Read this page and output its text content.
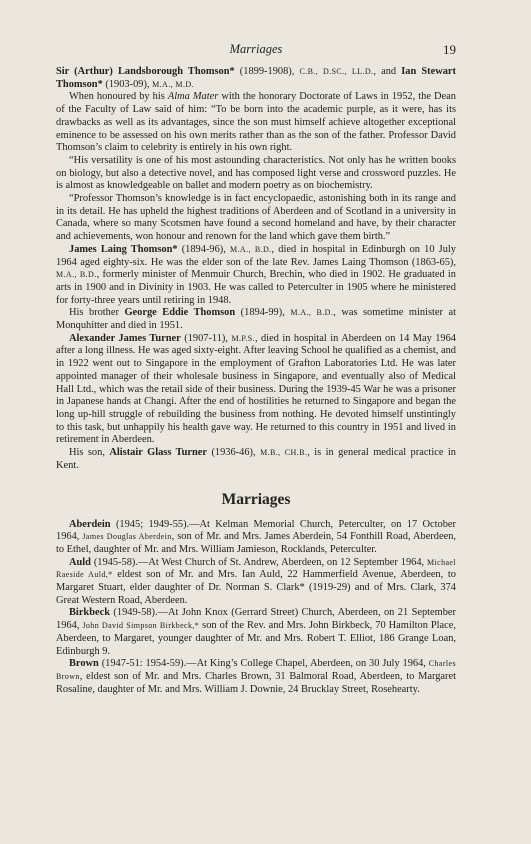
Marriages	19

Sir (Arthur) Landsborough Thomson* (1899-1908), C.B., D.SC., LL.D., and Ian Stewart Thomson* (1903-09), M.A., M.D.

When honoured by his Alma Mater with the honorary Doctorate of Laws in 1952, the Dean of the Faculty of Law said of him: “To be born into the academic purple, as it were, has its drawbacks as well as its advantages, since the son must himself achieve altogether exceptional eminence to be assessed on his own merits rather than as the son of the father. Professor David Thomson’s claim to celebrity is entirely in his own right.

“His versatility is one of his most astounding characteristics. Not only has he written books on biology, but also a detective novel, and has composed light verse and crossword puzzles. He is almost as knowledgeable on ballet and modern poetry as on biochemistry.

“Professor Thomson’s knowledge is in fact encyclopaedic, astonishing both in its range and in its detail. He has upheld the highest traditions of Aberdeen and of Scotland in a university in Canada, where so many Scotsmen have found a second homeland and have, by their character and achievements, won honour and renown for the land which gave them birth.”

James Laing Thomson* (1894-96), M.A., B.D., died in hospital in Edinburgh on 10 July 1964 aged eighty-six. He was the elder son of the late Rev. James Laing Thomson (1863-65), M.A., B.D., formerly minister of Menmuir Church, Brechin, who died in 1902. He graduated in arts in 1900 and in Divinity in 1903. He was called to Peterculter in 1905 where he ministered for forty-three years until retiring in 1948.

His brother George Eddie Thomson (1894-99), M.A., B.D., was sometime minister at Monquhitter and died in 1951.

Alexander James Turner (1907-11), M.P.S., died in hospital in Aberdeen on 14 May 1964 after a long illness. He was aged sixty-eight. After leaving School he qualified as a chemist, and in 1922 went out to Singapore in the employment of Grafton Laboratories Ltd. He was later appointed manager of their wholesale business in Singapore, and eventually also of Medical Hall Ltd., which was the retail side of their business. During the 1939-45 War he was a prisoner in Japanese hands at Changi. After the end of hostilities he returned to Singapore and began the long up-hill struggle of rebuilding the business from nothing. He devoted himself unstintingly to this task, but unhappily his health gave way. He returned to this country in 1951 and lived in retirement in Aberdeen.

His son, Alistair Glass Turner (1936-46), M.B., CH.B., is in general medical practice in Kent.

Marriages

Aberdein (1945; 1949-55).—At Kelman Memorial Church, Peterculter, on 17 October 1964, James Douglas Aberdein, son of Mr. and Mrs. James Aberdein, 54 Fonthill Road, Aberdeen, to Ethel, daughter of Mr. and Mrs. William Jamieson, Rocklands, Peterculter.

Auld (1945-58).—At West Church of St. Andrew, Aberdeen, on 12 September 1964, Michael Raeside Auld,* eldest son of Mr. and Mrs. Ian Auld, 22 Hammerfield Avenue, Aberdeen, to Margaret Stuart, elder daughter of Dr. Norman S. Clark* (1919-29) and of Mrs. Clark, 374 Great Western Road, Aberdeen.

Birkbeck (1949-58).—At John Knox (Gerrard Street) Church, Aberdeen, on 21 September 1964, John David Simpson Birkbeck,* son of the Rev. and Mrs. John Birkbeck, 70 Hamilton Place, Aberdeen, to Margaret, younger daughter of Mr. and Mrs. Robert T. Elliot, 186 Grange Loan, Edinburgh 9.

Brown (1947-51: 1954-59).—At King’s College Chapel, Aberdeen, on 30 July 1964, Charles Brown, eldest son of Mr. and Mrs. Charles Brown, 31 Balmoral Road, Aberdeen, to Margaret Rosaline, daughter of Mr. and Mrs. William J. Downie, 24 Brucklay Street, Rosehearty.
